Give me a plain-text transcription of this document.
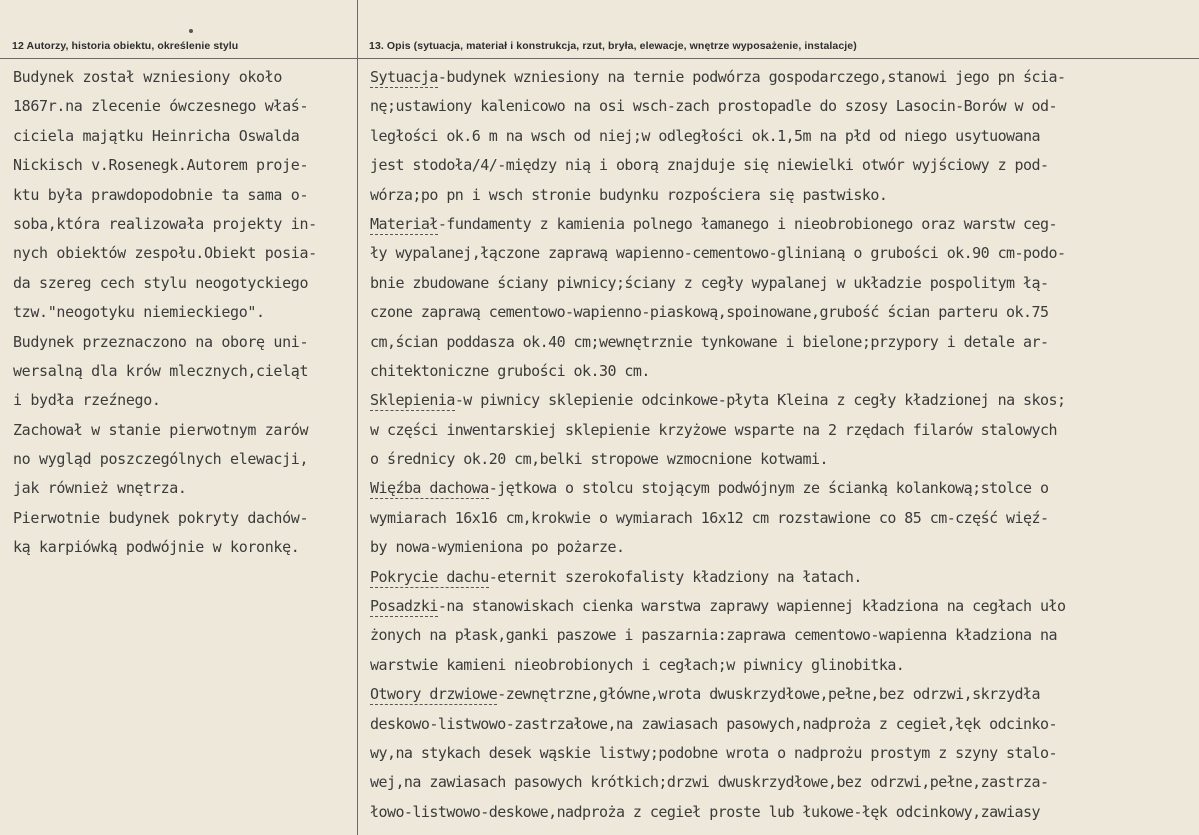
12 Autorzy, historia obiektu, określenie stylu
Budynek został wzniesiony około
1867r.na zlecenie ówczesnego właś-
ciciela majątku Heinricha Oswalda
Nickisch v.Rosenegk.Autorem proje-
ktu była prawdopodobnie ta sama o-
soba,która realizowała projekty in-
nych obiektów zespołu.Obiekt posia-
da szereg cech stylu neogotyckiego
tzw."neogotyku niemieckiego".
Budynek przeznaczono na oborę uni-
wersalną dla krów mlecznych,cieląt
i bydła rzeźnego.
Zachował w stanie pierwotnym zarów
no wygląd poszczególnych elewacji,
jak również wnętrza.
Pierwotnie budynek pokryty dachów-
ką karpiówką podwójnie w koronkę.
13. Opis (sytuacja, materiał i konstrukcja, rzut, bryła, elewacje, wnętrze wyposażenie, instalacje)
Sytuacja-budynek wzniesiony na ternie podwórza gospodarczego,stanowi jego pn ścia-
nę;ustawiony kalenicowo na osi wsch-zach prostopadle do szosy Lasocin-Borów w od-
ległości ok.6 m na wsch od niej;w odległości ok.1,5m na płd od niego usytuowana
jest stodoła/4/-między nią i oborą znajduje się niewielki otwór wyjściowy z pod-
wórza;po pn i wsch stronie budynku rozpościera się pastwisko.
Materiał-fundamenty z kamienia polnego łamanego i nieobrobionego oraz warstw ceg-
ły wypalanej,łączone zaprawą wapienno-cementowo-glinianą o grubości ok.90 cm-podo-
bnie zbudowane ściany piwnicy;ściany z cegły wypalanej w układzie pospolitym łą-
czone zaprawą cementowo-wapienno-piaskową,spoinowane,grubość ścian parteru ok.75
cm,ścian poddasza ok.40 cm;wewnętrznie tynkowane i bielone;przypory i detale ar-
chitektoniczne grubości ok.30 cm.
Sklepienia-w piwnicy sklepienie odcinkowe-płyta Kleina z cegły kładzionej na skos;
w części inwentarskiej sklepienie krzyżowe wsparte na 2 rzędach filarów stalowych
o średnicy ok.20 cm,belki stropowe wzmocnione kotwami.
Więźba dachowa-jętkowa o stolcu stojącym podwójnym ze ścianką kolankową;stolce o
wymiarach 16x16 cm,krokwie o wymiarach 16x12 cm rozstawione co 85 cm-część więź-
by nowa-wymieniona po pożarze.
Pokrycie dachu-eternit szerokofalisty kładziony na łatach.
Posadzki-na stanowiskach cienka warstwa zaprawy wapiennej kładziona na cegłach uło
żonych na płask,ganki paszowe i paszarnia:zaprawa cementowo-wapienna kładziona na
warstwie kamieni nieobrobionych i cegłach;w piwnicy glinobitka.
Otwory drzwiowe-zewnętrzne,główne,wrota dwuskrzydłowe,pełne,bez odrzwi,skrzydła
deskowo-listwowo-zastrzałowe,na zawiasach pasowych,nadproża z cegieł,łęk odcinko-
wy,na stykach desek wąskie listwy;podobne wrota o nadprożu prostym z szyny stalo-
wej,na zawiasach pasowych krótkich;drzwi dwuskrzydłowe,bez odrzwi,pełne,zastrza-
łowo-listwowo-deskowe,nadproża z cegieł proste lub łukowe-łęk odcinkowy,zawiasy
